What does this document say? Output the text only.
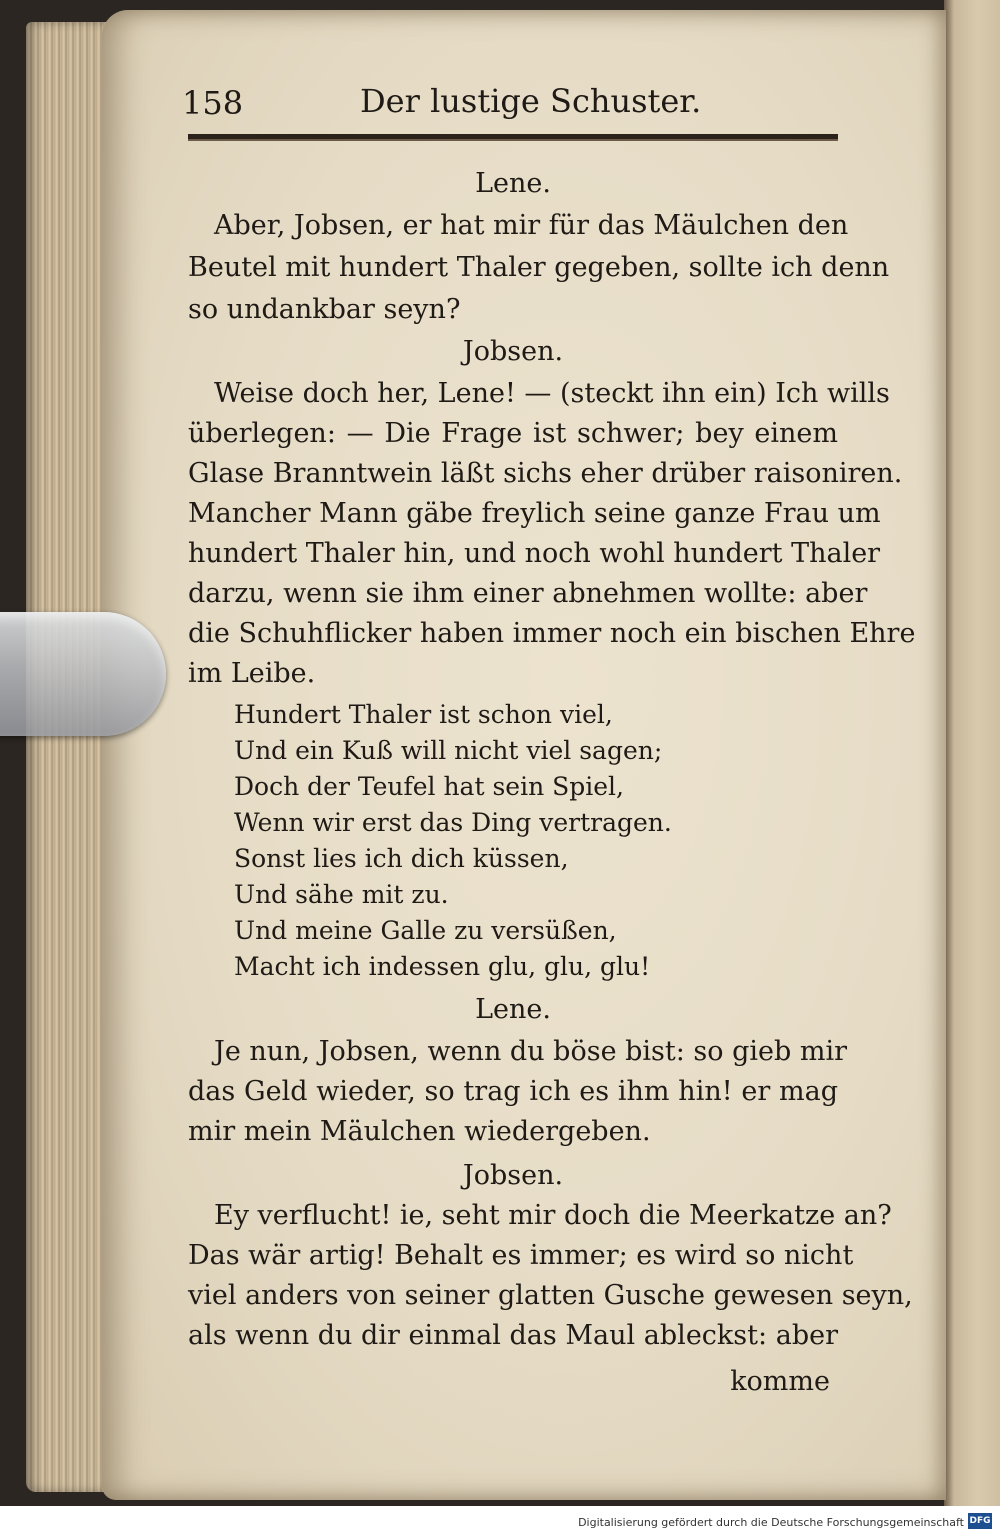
158	Der lustige Schuster.
Lene.
Aber, Jobsen, er hat mir für das Mäulchen den
Beutel mit hundert Thaler gegeben, sollte ich denn
so undankbar seyn?
Jobsen.
Weise doch her, Lene! — (steckt ihn ein) Ich wills
überlegen: — Die Frage ist schwer; bey einem
Glase Branntwein läßt sichs eher drüber raisoniren.
Mancher Mann gäbe freylich seine ganze Frau um
hundert Thaler hin, und noch wohl hundert Thaler
darzu, wenn sie ihm einer abnehmen wollte: aber
die Schuhflicker haben immer noch ein bischen Ehre
im Leibe.
Hundert Thaler ist schon viel,
Und ein Kuß will nicht viel sagen;
Doch der Teufel hat sein Spiel,
Wenn wir erst das Ding vertragen.
Sonst lies ich dich küssen,
Und sähe mit zu.
Und meine Galle zu versüßen,
Macht ich indessen glu, glu, glu!
Lene.
Je nun, Jobsen, wenn du böse bist: so gieb mir
das Geld wieder, so trag ich es ihm hin! er mag
mir mein Mäulchen wiedergeben.
Jobsen.
Ey verflucht! ie, seht mir doch die Meerkatze an?
Das wär artig! Behalt es immer; es wird so nicht
viel anders von seiner glatten Gusche gewesen seyn,
als wenn du dir einmal das Maul ableckst: aber
komme
Digitalisierung gefördert durch die Deutsche Forschungsgemeinschaft DFG
